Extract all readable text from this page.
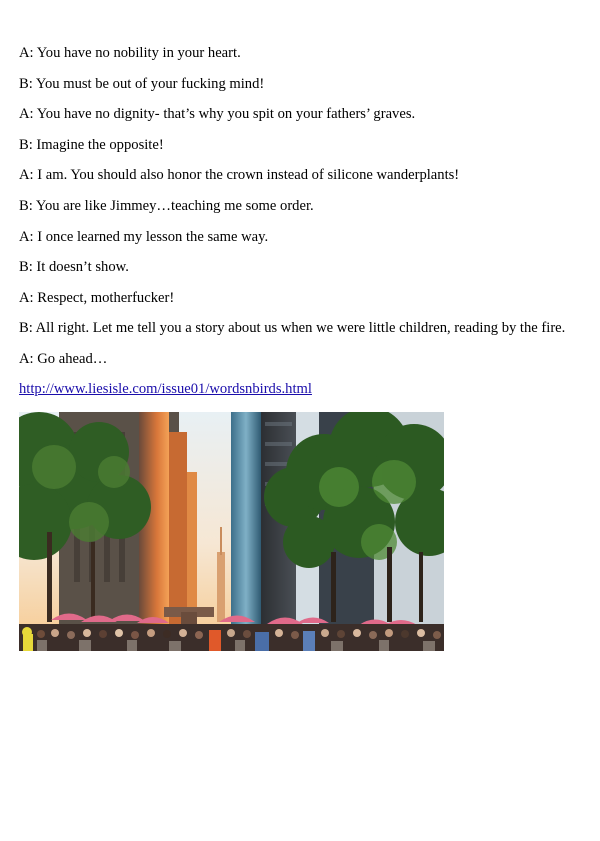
A: You have no nobility in your heart.
B: You must be out of your fucking mind!
A: You have no dignity- that’s why you spit on your fathers’ graves.
B: Imagine the opposite!
A: I am. You should also honor the crown instead of silicone wanderplants!
B: You are like Jimmey…teaching me some order.
A: I once learned my lesson the same way.
B: It doesn’t show.
A: Respect, motherfucker!
B: All right. Let me tell you a story about us when we were little children, reading by the fire.
A: Go ahead…
http://www.liesisle.com/issue01/wordsnbirds.html
